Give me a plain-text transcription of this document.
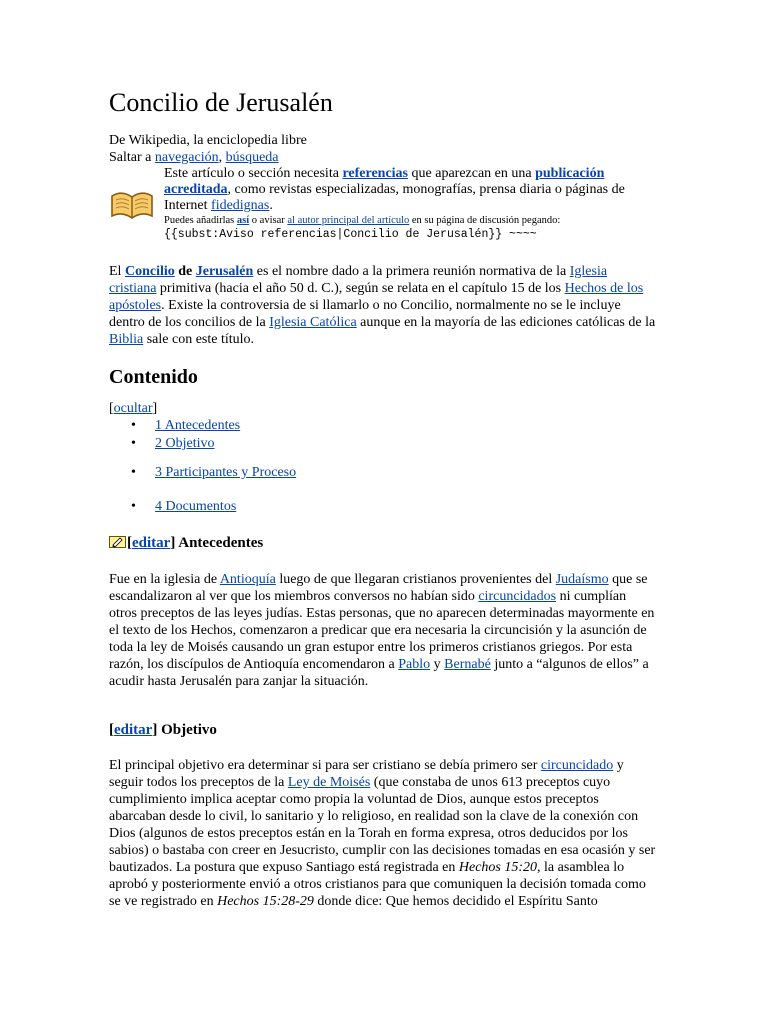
Concilio de Jerusalén
De Wikipedia, la enciclopedia libre
Saltar a navegación, búsqueda
Este artículo o sección necesita referencias que aparezcan en una publicación acreditada, como revistas especializadas, monografías, prensa diaria o páginas de Internet fidedignas.
Puedes añadirlas así o avisar al autor principal del artículo en su página de discusión pegando:
{{subst:Aviso referencias|Concilio de Jerusalén}} ~~~~

El Concilio de Jerusalén es el nombre dado a la primera reunión normativa de la Iglesia cristiana primitiva (hacia el año 50 d. C.), según se relata en el capítulo 15 de los Hechos de los apóstoles. Existe la controversia de si llamarlo o no Concilio, normalmente no se le incluye dentro de los concilios de la Iglesia Católica aunque en la mayoría de las ediciones católicas de la Biblia sale con este título.

Contenido
[ocultar]
• 1 Antecedentes
• 2 Objetivo
• 3 Participantes y Proceso
• 4 Documentos
[editar] Antecedentes

Fue en la iglesia de Antioquía luego de que llegaran cristianos provenientes del Judaísmo que se escandalizaron al ver que los miembros conversos no habían sido circuncidados ni cumplían otros preceptos de las leyes judías. Estas personas, que no aparecen determinadas mayormente en el texto de los Hechos, comenzaron a predicar que era necesaria la circuncisión y la asunción de toda la ley de Moisés causando un gran estupor entre los primeros cristianos griegos. Por esta razón, los discípulos de Antioquía encomendaron a Pablo y Bernabé junto a “algunos de ellos” a acudir hasta Jerusalén para zanjar la situación.

[editar] Objetivo

El principal objetivo era determinar si para ser cristiano se debía primero ser circuncidado y seguir todos los preceptos de la Ley de Moisés (que constaba de unos 613 preceptos cuyo cumplimiento implica aceptar como propia la voluntad de Dios, aunque estos preceptos abarcaban desde lo civil, lo sanitario y lo religioso, en realidad son la clave de la conexión con Dios (algunos de estos preceptos están en la Torah en forma expresa, otros deducidos por los sabios) o bastaba con creer en Jesucristo, cumplir con las decisiones tomadas en esa ocasión y ser bautizados. La postura que expuso Santiago está registrada en Hechos 15:20, la asamblea lo aprobó y posteriormente envió a otros cristianos para que comuniquen la decisión tomada como se ve registrado en Hechos 15:28-29 donde dice: Que hemos decidido el Espíritu Santo
